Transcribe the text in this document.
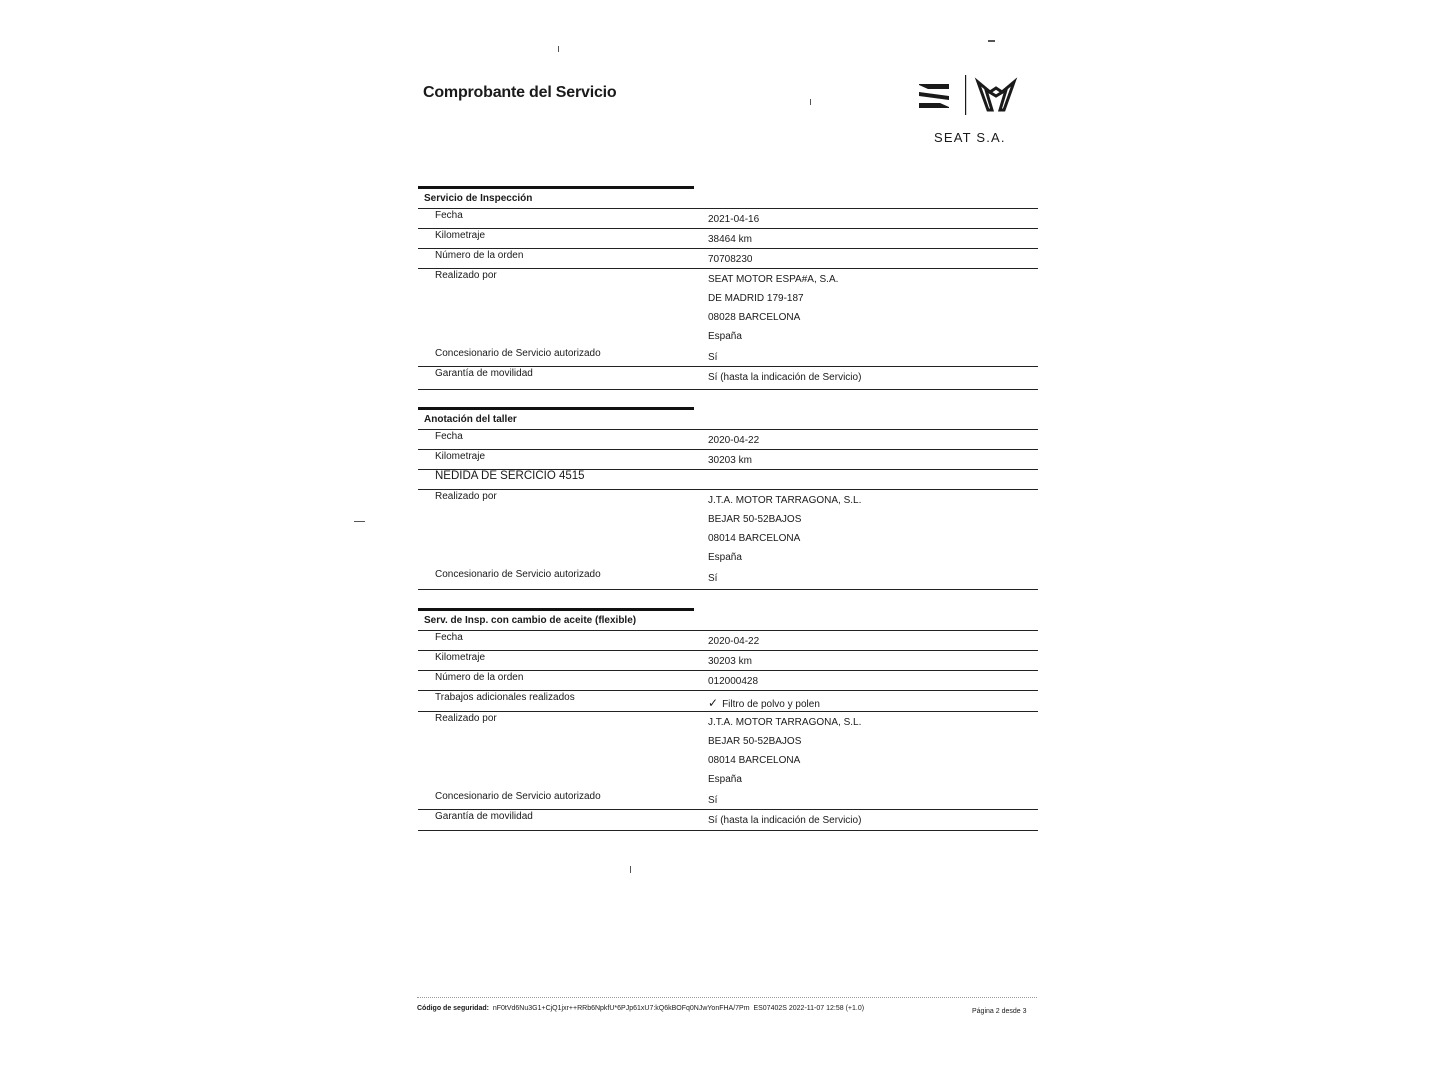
Comprobante del Servicio
SEAT S.A.
Servicio de Inspección
Fecha	2021-04-16
Kilometraje	38464 km
Número de la orden	70708230
Realizado por	SEAT MOTOR ESPA#A, S.A.
DE MADRID 179-187
08028 BARCELONA
España
Concesionario de Servicio autorizado	Sí
Garantía de movilidad	Sí (hasta la indicación de Servicio)
Anotación del taller
Fecha	2020-04-22
Kilometraje	30203 km
NEDIDA DE SERCICIO 4515
Realizado por	J.T.A. MOTOR TARRAGONA, S.L.
BEJAR 50-52BAJOS
08014 BARCELONA
España
Concesionario de Servicio autorizado	Sí
Serv. de Insp. con cambio de aceite (flexible)
Fecha	2020-04-22
Kilometraje	30203 km
Número de la orden	012000428
Trabajos adicionales realizados	✓ Filtro de polvo y polen
Realizado por	J.T.A. MOTOR TARRAGONA, S.L.
BEJAR 50-52BAJOS
08014 BARCELONA
España
Concesionario de Servicio autorizado	Sí
Garantía de movilidad	Sí (hasta la indicación de Servicio)
Código de seguridad: nF0tVd6Nu3G1+CjQ1jxr++RRb6NpkfU*6PJp61xU7:kQ6kBOFq0NJwYonFHA/7Pm ES07402S 2022-11-07 12:58 (+1.0)	Página 2 desde 3
